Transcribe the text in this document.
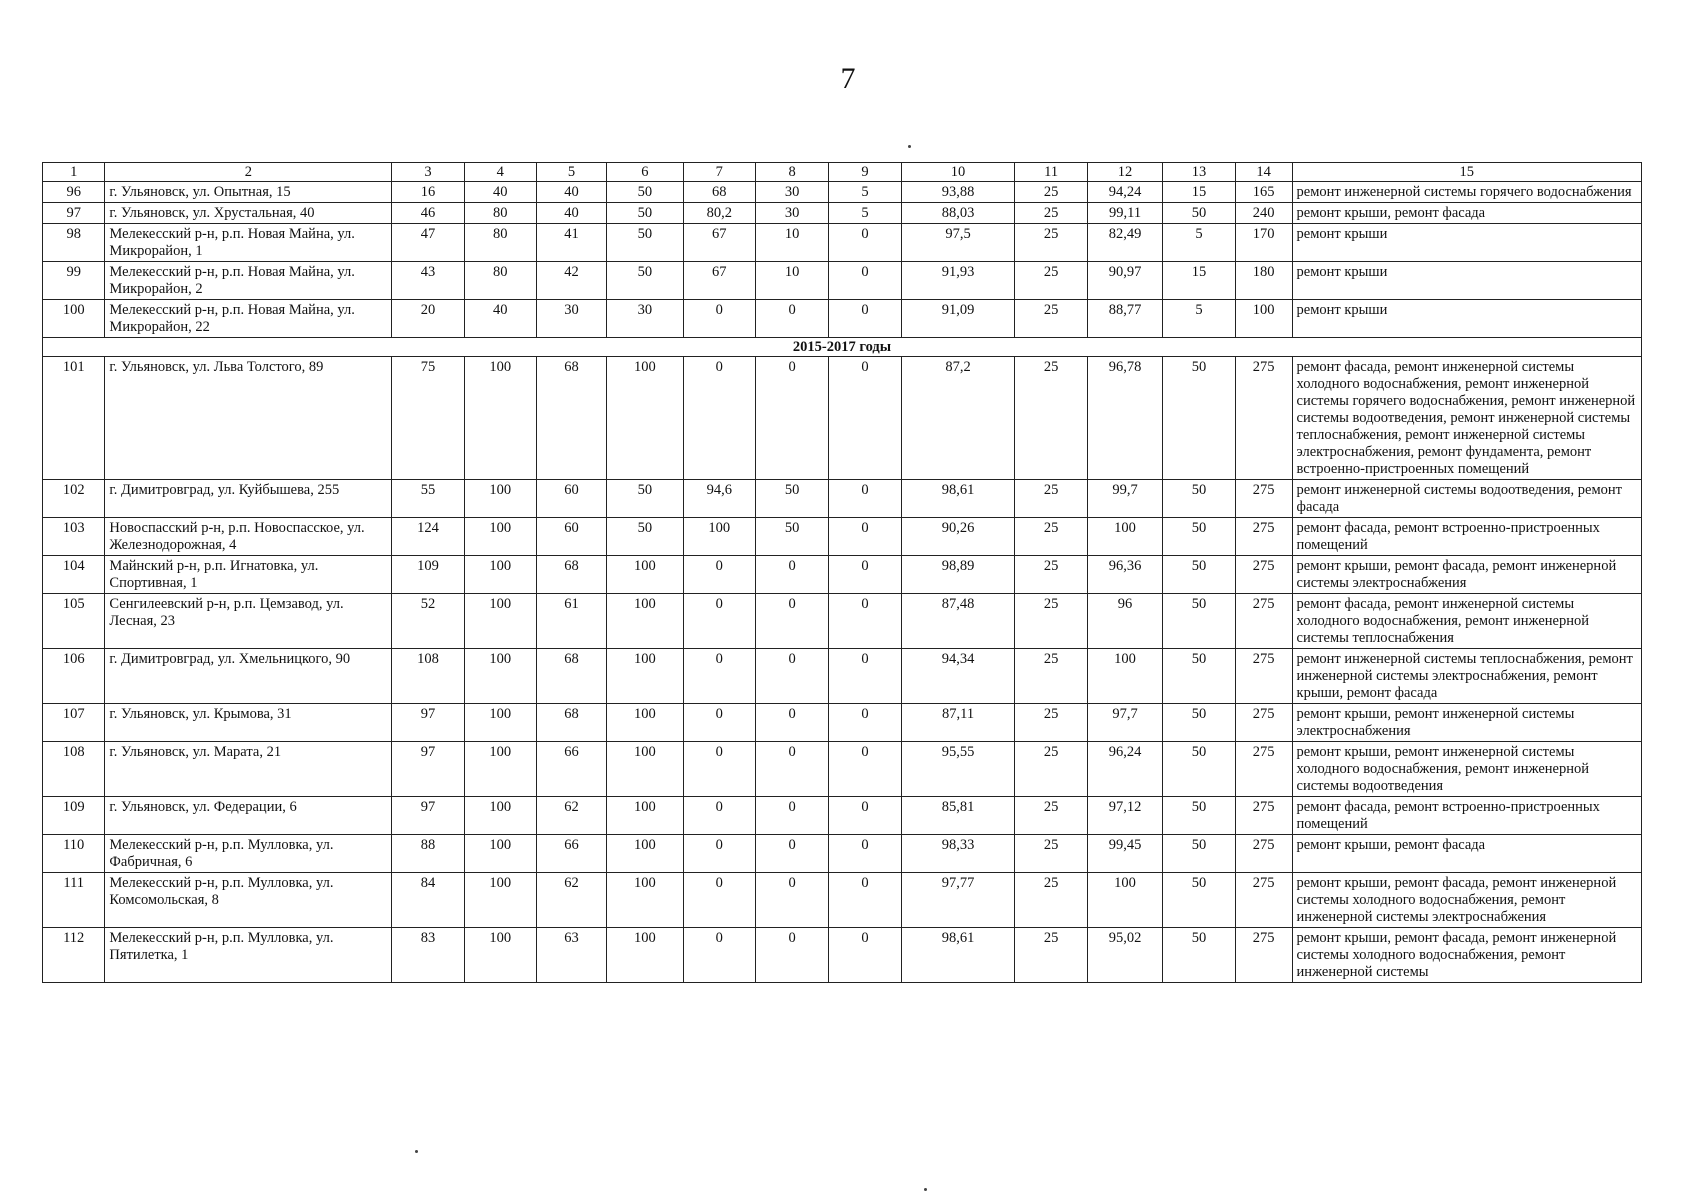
7
1	2	3	4	5	6	7	8	9	10	11	12	13	14	15
96	г. Ульяновск, ул. Опытная, 15	16	40	40	50	68	30	5	93,88	25	94,24	15	165	ремонт инженерной системы горячего водоснабжения
97	г. Ульяновск, ул. Хрустальная, 40	46	80	40	50	80,2	30	5	88,03	25	99,11	50	240	ремонт крыши, ремонт фасада
98	Мелекесский р-н, р.п. Новая Майна, ул. Микрорайон, 1	47	80	41	50	67	10	0	97,5	25	82,49	5	170	ремонт крыши
99	Мелекесский р-н, р.п. Новая Майна, ул. Микрорайон, 2	43	80	42	50	67	10	0	91,93	25	90,97	15	180	ремонт крыши
100	Мелекесский р-н, р.п. Новая Майна, ул. Микрорайон, 22	20	40	30	30	0	0	0	91,09	25	88,77	5	100	ремонт крыши
2015-2017 годы														
101	г. Ульяновск, ул. Льва Толстого, 89	75	100	68	100	0	0	0	87,2	25	96,78	50	275	ремонт фасада, ремонт инженерной системы холодного водоснабжения, ремонт инженерной системы горячего водоснабжения, ремонт инженерной системы водоотведения, ремонт инженерной системы теплоснабжения, ремонт инженерной системы электроснабжения, ремонт фундамента, ремонт встроенно-пристроенных помещений
102	г. Димитровград, ул. Куйбышева, 255	55	100	60	50	94,6	50	0	98,61	25	99,7	50	275	ремонт инженерной системы водоотведения, ремонт фасада
103	Новоспасский р-н, р.п. Новоспасское, ул. Железнодорожная, 4	124	100	60	50	100	50	0	90,26	25	100	50	275	ремонт фасада, ремонт встроенно-пристроенных помещений
104	Майнский р-н, р.п. Игнатовка, ул. Спортивная, 1	109	100	68	100	0	0	0	98,89	25	96,36	50	275	ремонт крыши, ремонт фасада, ремонт инженерной системы электроснабжения
105	Сенгилеевский р-н, р.п. Цемзавод, ул. Лесная, 23	52	100	61	100	0	0	0	87,48	25	96	50	275	ремонт фасада, ремонт инженерной системы холодного водоснабжения, ремонт инженерной системы теплоснабжения
106	г. Димитровград, ул. Хмельницкого, 90	108	100	68	100	0	0	0	94,34	25	100	50	275	ремонт инженерной системы теплоснабжения, ремонт инженерной системы электроснабжения, ремонт крыши, ремонт фасада
107	г. Ульяновск, ул. Крымова, 31	97	100	68	100	0	0	0	87,11	25	97,7	50	275	ремонт крыши, ремонт инженерной системы электроснабжения
108	г. Ульяновск, ул. Марата, 21	97	100	66	100	0	0	0	95,55	25	96,24	50	275	ремонт крыши, ремонт инженерной системы холодного водоснабжения, ремонт инженерной системы водоотведения
109	г. Ульяновск, ул. Федерации, 6	97	100	62	100	0	0	0	85,81	25	97,12	50	275	ремонт фасада, ремонт встроенно-пристроенных помещений
110	Мелекесский р-н, р.п. Мулловка, ул. Фабричная, 6	88	100	66	100	0	0	0	98,33	25	99,45	50	275	ремонт крыши, ремонт фасада
111	Мелекесский р-н, р.п. Мулловка, ул. Комсомольская, 8	84	100	62	100	0	0	0	97,77	25	100	50	275	ремонт крыши, ремонт фасада, ремонт инженерной системы холодного водоснабжения, ремонт инженерной системы электроснабжения
112	Мелекесский р-н, р.п. Мулловка, ул. Пятилетка, 1	83	100	63	100	0	0	0	98,61	25	95,02	50	275	ремонт крыши, ремонт фасада, ремонт инженерной системы холодного водоснабжения, ремонт инженерной системы
